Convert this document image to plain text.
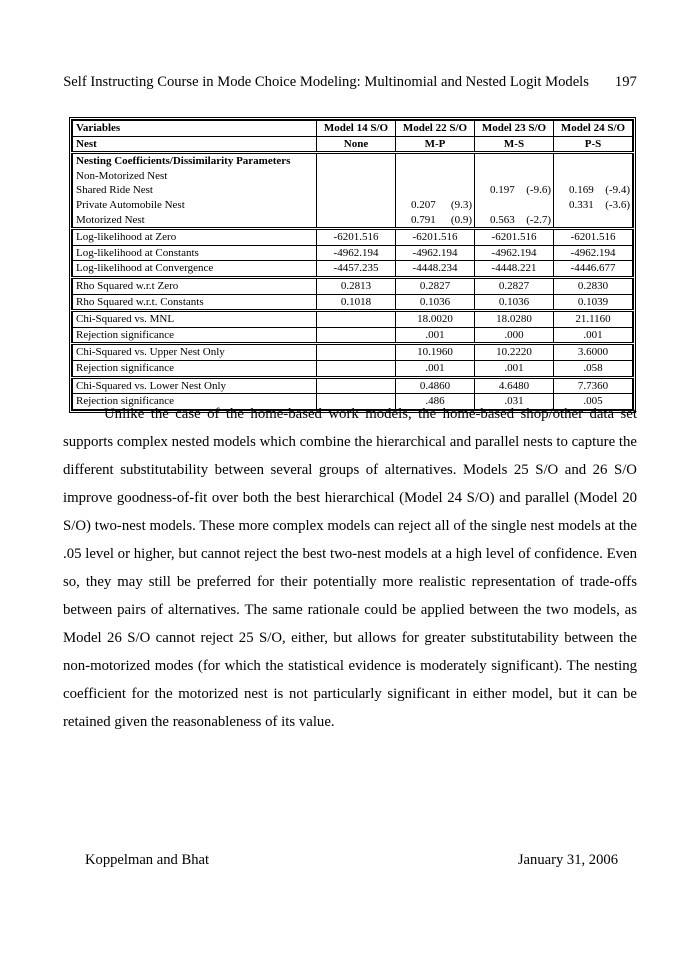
Self Instructing Course in Mode Choice Modeling: Multinomial and Nested Logit Models 197
Variables	Model 14 S/O	Model 22 S/O	Model 23 S/O	Model 24 S/O
Nest	None	M-P	M-S	P-S
Nesting Coefficients/Dissimilarity Parameters				
Non-Motorized Nest				
Shared Ride Nest			0.197 (-9.6)	0.169 (-9.4)

Private Automobile Nest		0.207 (9.3)		0.331 (-3.6)

Motorized Nest		0.791 (0.9)	0.563 (-2.7)	

Log-likelihood at Zero	-6201.516	-6201.516	-6201.516	-6201.516
Log-likelihood at Constants	-4962.194	-4962.194	-4962.194	-4962.194
Log-likelihood at Convergence	-4457.235	-4448.234	-4448.221	-4446.677
Rho Squared w.r.t Zero	0.2813	0.2827	0.2827	0.2830
Rho Squared w.r.t. Constants	0.1018	0.1036	0.1036	0.1039
Chi-Squared vs. MNL		18.0020	18.0280	21.1160
Rejection significance		.001	.000	.001
Chi-Squared vs. Upper Nest Only		10.1960	10.2220	3.6000
Rejection significance		.001	.001	.058
Chi-Squared vs. Lower Nest Only		0.4860	4.6480	7.7360
Rejection significance		.486	.031	.005

Unlike the case of the home-based work models, the home-based shop/other data set supports complex nested models which combine the hierarchical and parallel nests to capture the different substitutability between several groups of alternatives. Models 25 S/O and 26 S/O improve goodness-of-fit over both the best hierarchical (Model 24 S/O) and parallel (Model 20 S/O) two-nest models. These more complex models can reject all of the single nest models at the .05 level or higher, but cannot reject the best two-nest models at a high level of confidence. Even so, they may still be preferred for their potentially more realistic representation of trade-offs between pairs of alternatives. The same rationale could be applied between the two models, as Model 26 S/O cannot reject 25 S/O, either, but allows for greater substitutability between the non-motorized modes (for which the statistical evidence is moderately significant). The nesting coefficient for the motorized nest is not particularly significant in either model, but it can be retained given the reasonableness of its value.

Koppelman and Bhat	January 31, 2006
